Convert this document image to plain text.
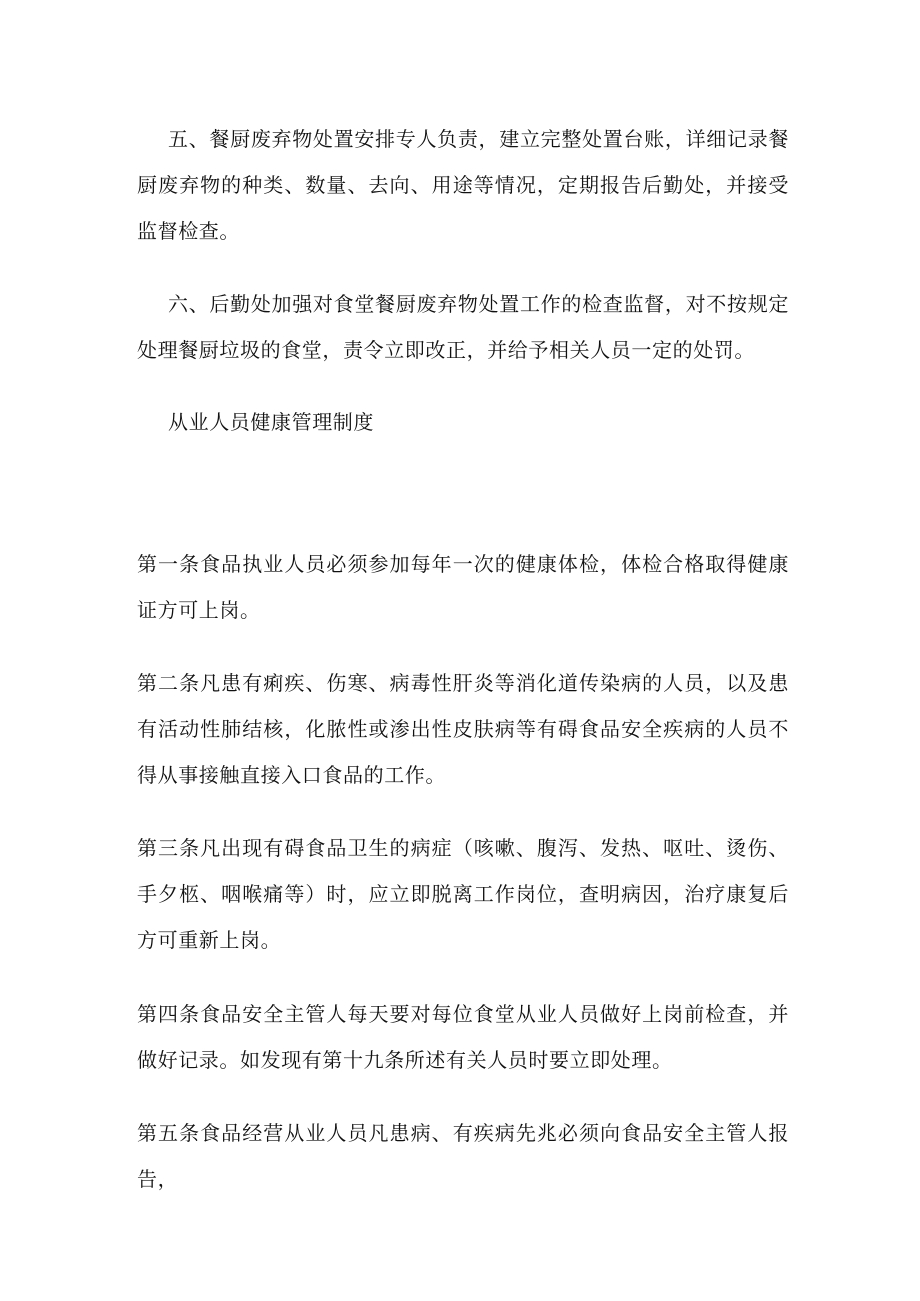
五、餐厨废弃物处置安排专人负责，建立完整处置台账，详细记录餐厨废弃物的种类、数量、去向、用途等情况，定期报告后勤处，并接受监督检查。

六、后勤处加强对食堂餐厨废弃物处置工作的检查监督，对不按规定处理餐厨垃圾的食堂，责令立即改正，并给予相关人员一定的处罚。

从业人员健康管理制度

第一条食品执业人员必须参加每年一次的健康体检，体检合格取得健康证方可上岗。

第二条凡患有痢疾、伤寒、病毒性肝炎等消化道传染病的人员，以及患有活动性肺结核，化脓性或渗出性皮肤病等有碍食品安全疾病的人员不得从事接触直接入口食品的工作。

第三条凡出现有碍食品卫生的病症（咳嗽、腹泻、发热、呕吐、烫伤、手夕柩、咽喉痛等）时，应立即脱离工作岗位，查明病因，治疗康复后方可重新上岗。

第四条食品安全主管人每天要对每位食堂从业人员做好上岗前检查，并做好记录。如发现有第十九条所述有关人员时要立即处理。

第五条食品经营从业人员凡患病、有疾病先兆必须向食品安全主管人报告，
